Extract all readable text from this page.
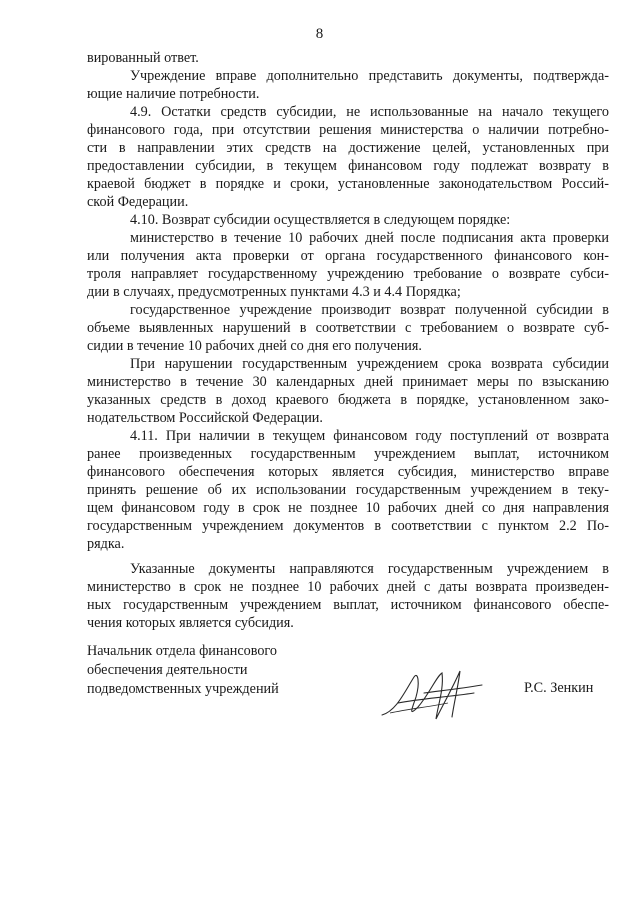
8
вированный ответ.
Учреждение вправе дополнительно представить документы, подтвержда-
ющие наличие потребности.
4.9. Остатки средств субсидии, не использованные на начало текущего
финансового года, при отсутствии решения министерства о наличии потребно-
сти в направлении этих средств на достижение целей, установленных при
предоставлении субсидии, в текущем финансовом году подлежат возврату в
краевой бюджет в порядке и сроки, установленные законодательством Россий-
ской Федерации.
4.10. Возврат субсидии осуществляется в следующем порядке:
министерство в течение 10 рабочих дней после подписания акта проверки
или получения акта проверки от органа государственного финансового кон-
троля направляет государственному учреждению требование о возврате субси-
дии в случаях, предусмотренных пунктами 4.3 и 4.4 Порядка;
государственное учреждение производит возврат полученной субсидии в
объеме выявленных нарушений в соответствии с требованием о возврате суб-
сидии в течение 10 рабочих дней со дня его получения.
При нарушении государственным учреждением срока возврата субсидии
министерство в течение 30 календарных дней принимает меры по взысканию
указанных средств в доход краевого бюджета в порядке, установленном зако-
нодательством Российской Федерации.
4.11. При наличии в текущем финансовом году поступлений от возврата
ранее произведенных государственным учреждением выплат, источником
финансового обеспечения которых является субсидия, министерство вправе
принять решение об их использовании государственным учреждением в теку-
щем финансовом году в срок не позднее 10 рабочих дней со дня направления
государственным учреждением документов в соответствии с пунктом 2.2 По-
рядка.
Указанные документы направляются государственным учреждением в
министерство в срок не позднее 10 рабочих дней с даты возврата произведен-
ных государственным учреждением выплат, источником финансового обеспе-
чения которых является субсидия.
Начальник отдела финансового
обеспечения деятельности
подведомственных учреждений	Р.С. Зенкин
